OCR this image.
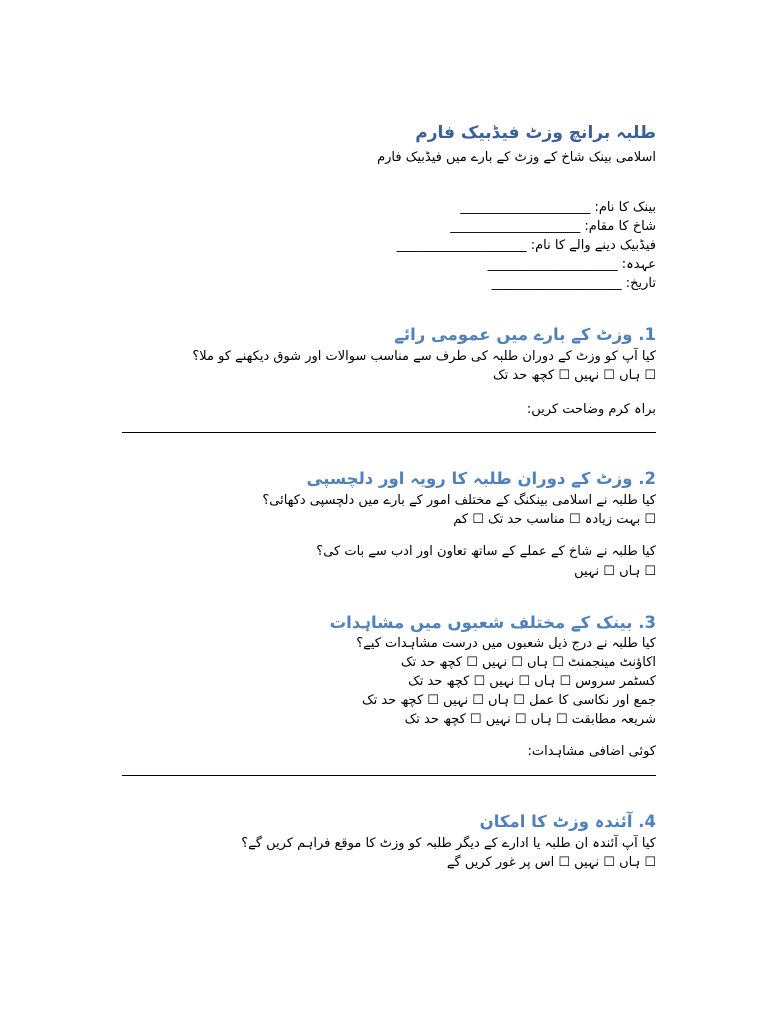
طلبہ برانچ وزٹ فیڈبیک فارم
اسلامی بینک شاخ کے وزٹ کے بارے میں فیڈبیک فارم
بینک کا نام: ____________________
شاخ کا مقام: ____________________
فیڈبیک دینے والے کا نام: ____________________
عہدہ: ____________________
تاریخ: ____________________
1. وزٹ کے بارے میں عمومی رائے
کیا آپ کو وزٹ کے دوران طلبہ کی طرف سے مناسب سوالات اور شوق دیکھنے کو ملا؟
☐ ہاں ☐ نہیں ☐ کچھ حد تک
براہ کرم وضاحت کریں:
2. وزٹ کے دوران طلبہ کا رویہ اور دلچسپی
کیا طلبہ نے اسلامی بینکنگ کے مختلف امور کے بارے میں دلچسپی دکھائی؟
☐ بہت زیادہ ☐ مناسب حد تک ☐ کم
کیا طلبہ نے شاخ کے عملے کے ساتھ تعاون اور ادب سے بات کی؟
☐ ہاں ☐ نہیں
3. بینک کے مختلف شعبوں میں مشاہدات
کیا طلبہ نے درج ذیل شعبوں میں درست مشاہدات کیے؟
اکاؤنٹ مینجمنٹ ☐ ہاں ☐ نہیں ☐ کچھ حد تک
کسٹمر سروس ☐ ہاں ☐ نہیں ☐ کچھ حد تک
جمع اور نکاسی کا عمل ☐ ہاں ☐ نہیں ☐ کچھ حد تک
شریعہ مطابقت ☐ ہاں ☐ نہیں ☐ کچھ حد تک
کوئی اضافی مشاہدات:
4. آئندہ وزٹ کا امکان
کیا آپ آئندہ ان طلبہ یا ادارے کے دیگر طلبہ کو وزٹ کا موقع فراہم کریں گے؟
☐ ہاں ☐ نہیں ☐ اس پر غور کریں گے
